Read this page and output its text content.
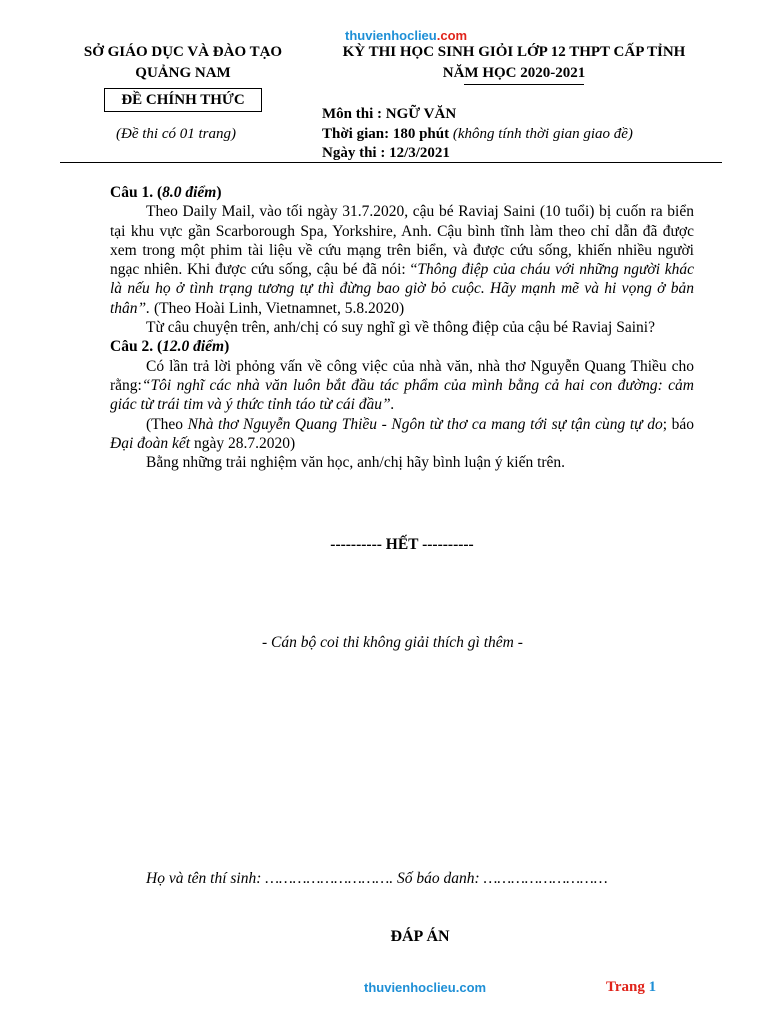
thuvienhoclieu.com
SỞ GIÁO DỤC VÀ ĐÀO TẠO
QUẢNG NAM
ĐỀ CHÍNH THỨC
(Đề thi có 01 trang)
KỲ THI HỌC SINH GIỎI LỚP 12 THPT CẤP TỈNH
NĂM HỌC 2020-2021
Môn thi : NGỮ VĂN
Thời gian: 180 phút (không tính thời gian giao đề)
Ngày thi : 12/3/2021

Câu 1. (8.0 điểm)

Theo Daily Mail, vào tối ngày 31.7.2020, cậu bé Raviaj Saini (10 tuổi) bị cuốn ra biển tại khu vực gần Scarborough Spa, Yorkshire, Anh. Cậu bình tĩnh làm theo chỉ dẫn đã được xem trong một phim tài liệu về cứu mạng trên biển, và được cứu sống, khiến nhiều người ngạc nhiên. Khi được cứu sống, cậu bé đã nói: “Thông điệp của cháu với những người khác là nếu họ ở tình trạng tương tự thì đừng bao giờ bỏ cuộc. Hãy mạnh mẽ và hi vọng ở bản thân”. (Theo Hoài Linh, Vietnamnet, 5.8.2020)

Từ câu chuyện trên, anh/chị có suy nghĩ gì về thông điệp của cậu bé Raviaj Saini?

Câu 2. (12.0 điểm)

Có lần trả lời phỏng vấn về công việc của nhà văn, nhà thơ Nguyễn Quang Thiều cho rằng:“Tôi nghĩ các nhà văn luôn bắt đầu tác phẩm của mình bằng cả hai con đường: cảm giác từ trái tim và ý thức tỉnh táo từ cái đầu”.

(Theo Nhà thơ Nguyễn Quang Thiều - Ngôn từ thơ ca mang tới sự tận cùng tự do; báo Đại đoàn kết ngày 28.7.2020)

Bằng những trải nghiệm văn học, anh/chị hãy bình luận ý kiến trên.

---------- HẾT ----------
- Cán bộ coi thi không giải thích gì thêm -
Họ và tên thí sinh: ………………………. Số báo danh: ………………………
ĐÁP ÁN
thuvienhoclieu.com	Trang 1
